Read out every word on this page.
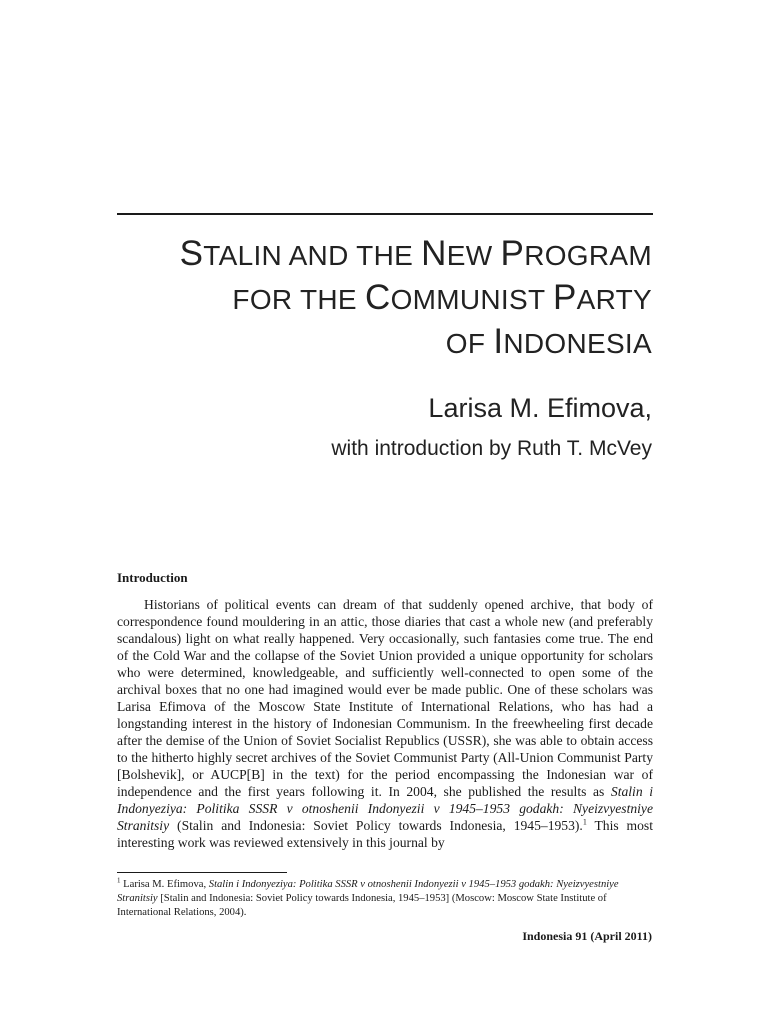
STALIN AND THE NEW PROGRAM
FOR THE COMMUNIST PARTY
OF INDONESIA
Larisa M. Efimova,
with introduction by Ruth T. McVey
Introduction
Historians of political events can dream of that suddenly opened archive, that body of correspondence found mouldering in an attic, those diaries that cast a whole new (and preferably scandalous) light on what really happened. Very occasionally, such fantasies come true. The end of the Cold War and the collapse of the Soviet Union provided a unique opportunity for scholars who were determined, knowledgeable, and sufficiently well-connected to open some of the archival boxes that no one had imagined would ever be made public. One of these scholars was Larisa Efimova of the Moscow State Institute of International Relations, who has had a longstanding interest in the history of Indonesian Communism. In the freewheeling first decade after the demise of the Union of Soviet Socialist Republics (USSR), she was able to obtain access to the hitherto highly secret archives of the Soviet Communist Party (All-Union Communist Party [Bolshevik], or AUCP[B] in the text) for the period encompassing the Indonesian war of independence and the first years following it. In 2004, she published the results as Stalin i Indonyeziya: Politika SSSR v otnoshenii Indonyezii v 1945–1953 godakh: Nyeizvyestniye Stranitsiy (Stalin and Indonesia: Soviet Policy towards Indonesia, 1945–1953).$^1$ This most interesting work was reviewed extensively in this journal by
$^1$ Larisa M. Efimova, Stalin i Indonyeziya: Politika SSSR v otnoshenii Indonyezii v 1945–1953 godakh: Nyeizvyestniye Stranitsiy [Stalin and Indonesia: Soviet Policy towards Indonesia, 1945–1953] (Moscow: Moscow State Institute of International Relations, 2004).
Indonesia 91 (April 2011)
